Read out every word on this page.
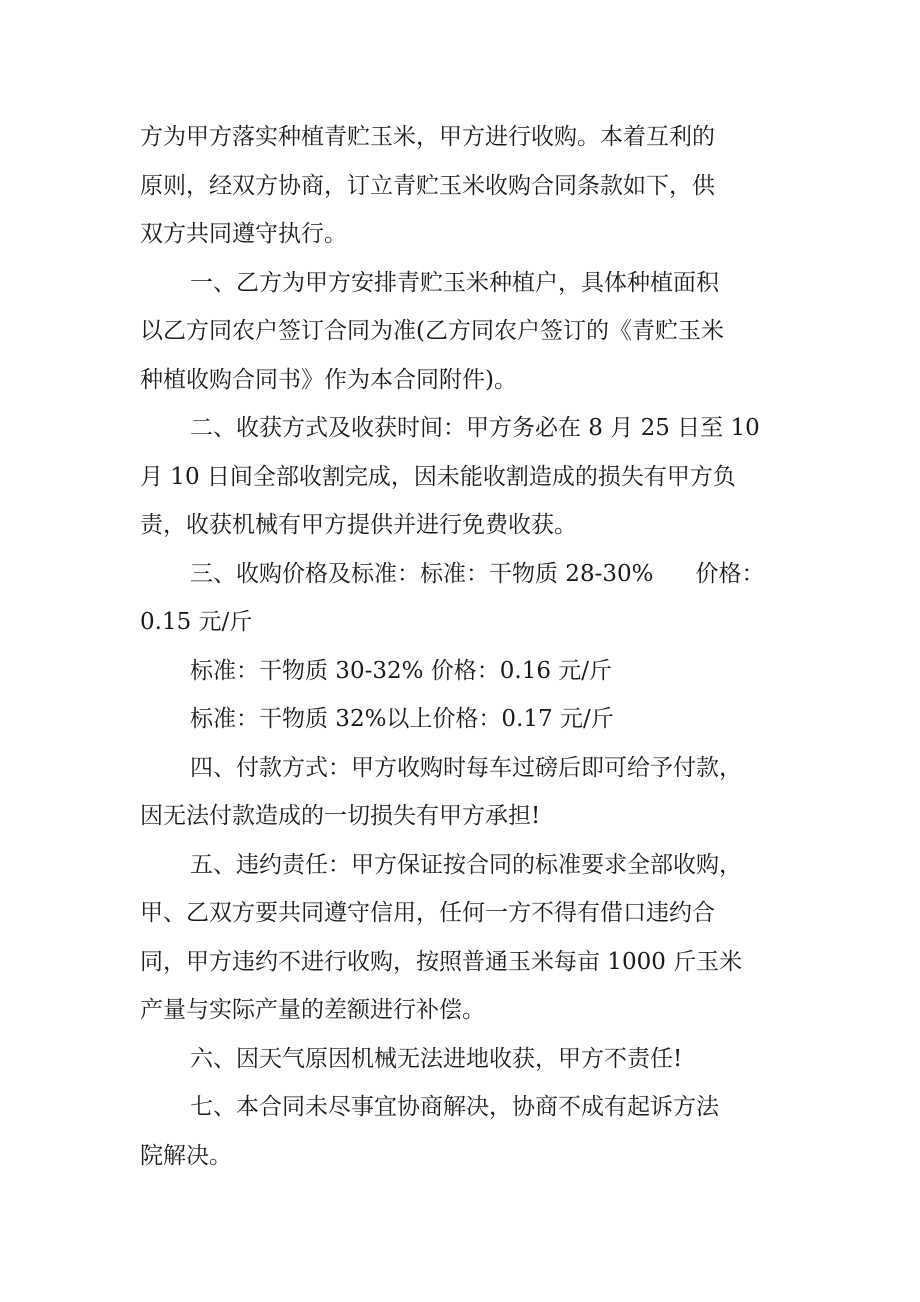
方为甲方落实种植青贮玉米，甲方进行收购。本着互利的
原则，经双方协商，订立青贮玉米收购合同条款如下，供
双方共同遵守执行。

一、乙方为甲方安排青贮玉米种植户，具体种植面积
以乙方同农户签订合同为准(乙方同农户签订的《青贮玉米
种植收购合同书》作为本合同附件)。

二、收获方式及收获时间：甲方务必在 8 月 25 日至 10
月 10 日间全部收割完成，因未能收割造成的损失有甲方负
责，收获机械有甲方提供并进行免费收获。

三、收购价格及标准：标准：干物质 28-30% 价格：
0.15 元/斤

标准：干物质 30-32% 价格：0.16 元/斤

标准：干物质 32%以上价格：0.17 元/斤

四、付款方式：甲方收购时每车过磅后即可给予付款，
因无法付款造成的一切损失有甲方承担!

五、违约责任：甲方保证按合同的标准要求全部收购，
甲、乙双方要共同遵守信用，任何一方不得有借口违约合
同，甲方违约不进行收购，按照普通玉米每亩 1000 斤玉米
产量与实际产量的差额进行补偿。

六、因天气原因机械无法进地收获，甲方不责任!

七、本合同未尽事宜协商解决，协商不成有起诉方法
院解决。
